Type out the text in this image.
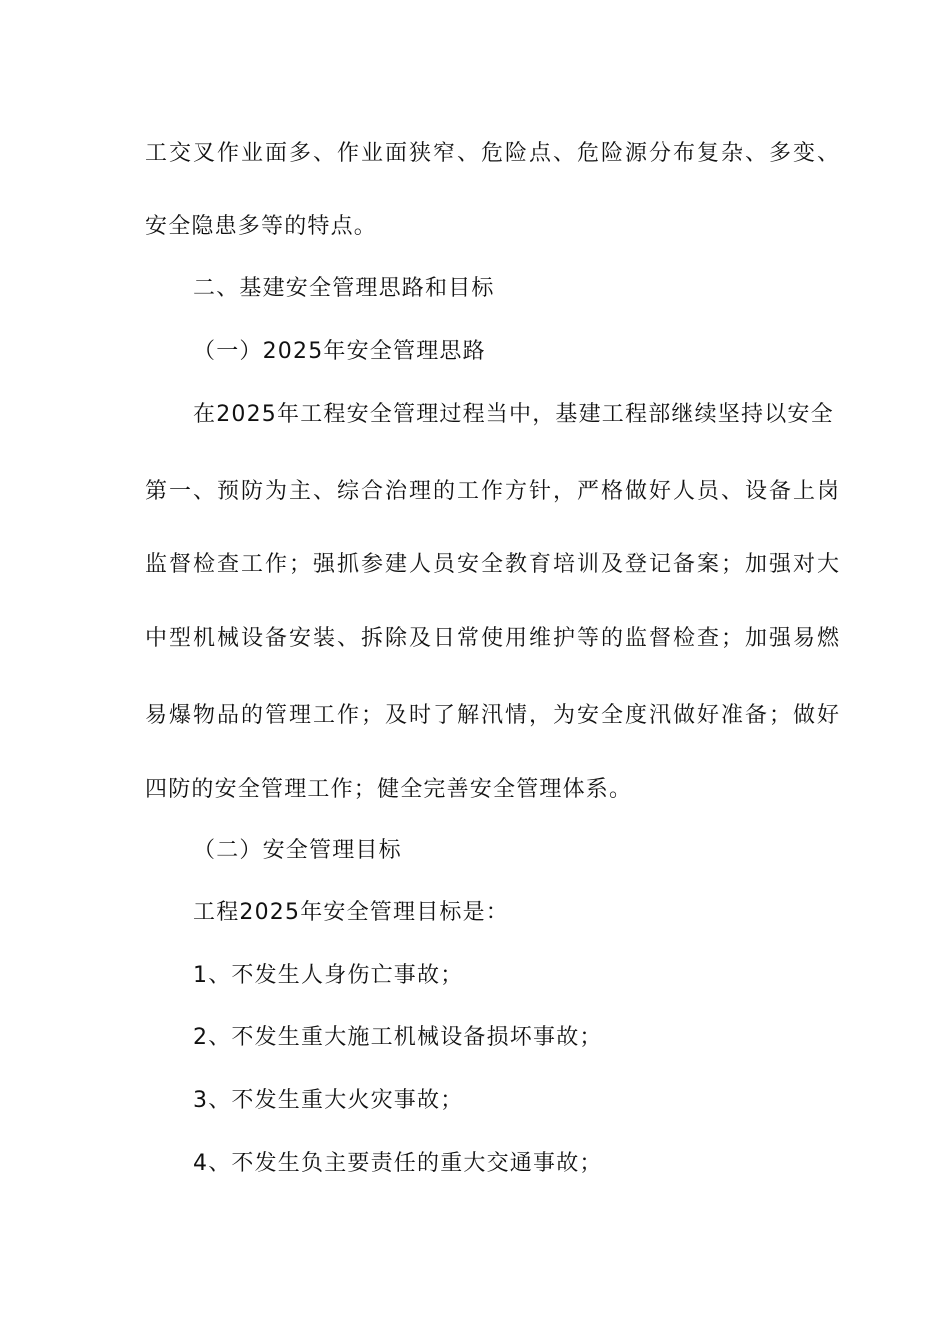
工交叉作业面多、作业面狭窄、危险点、危险源分布复杂、多变、
安全隐患多等的特点。
二、基建安全管理思路和目标
（一）2025年安全管理思路
在2025年工程安全管理过程当中，基建工程部继续坚持以安全
第一、预防为主、综合治理的工作方针，严格做好人员、设备上岗
监督检查工作；强抓参建人员安全教育培训及登记备案；加强对大
中型机械设备安装、拆除及日常使用维护等的监督检查；加强易燃
易爆物品的管理工作；及时了解汛情，为安全度汛做好准备；做好
四防的安全管理工作；健全完善安全管理体系。
（二）安全管理目标
工程2025年安全管理目标是：
1、不发生人身伤亡事故；
2、不发生重大施工机械设备损坏事故；
3、不发生重大火灾事故；
4、不发生负主要责任的重大交通事故；
